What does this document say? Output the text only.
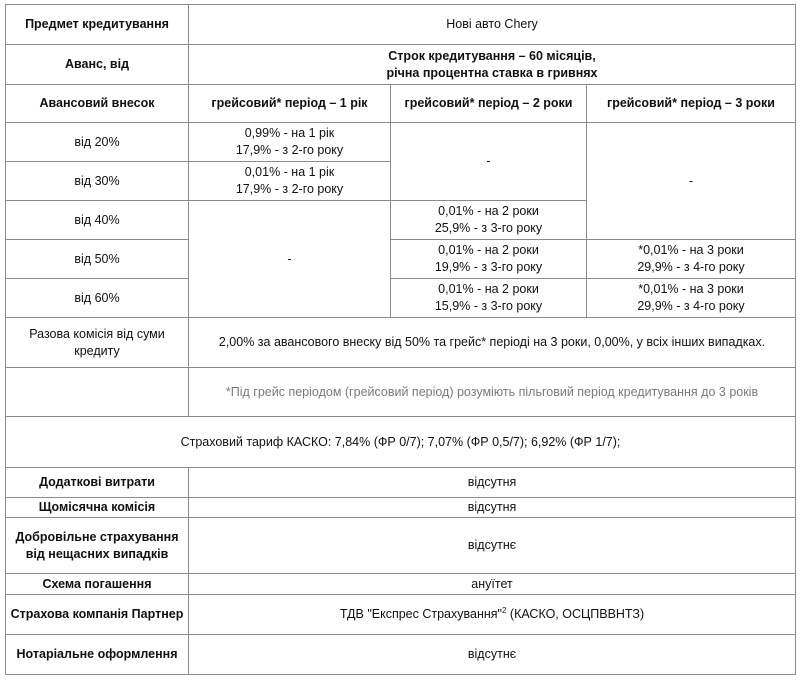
Предмет кредитування	Нові авто Chery		
Аванс, від	Строк кредитування – 60 місяців,
річна процентна ставка в гривнях		

Авансовий внесок	грейсовий* період – 1 рік	грейсовий* період – 2 роки	грейсовий* період – 3 роки
від 20%	0,99% - на 1 рік
17,9% - з 2-го року	-	-
від 30%	0,01% - на 1 рік
17,9% - з 2-го року		

від 40%	-	0,01% - на 2 роки
25,9% - з 3-го року	

від 50%		0,01% - на 2 роки
19,9% - з 3-го року	*0,01% - на 3 роки
29,9% - з 4-го року

від 60%		0,01% - на 2 роки
15,9% - з 3-го року	*0,01% - на 3 роки
29,9% - з 4-го року

Разова комісія від суми кредиту	2,00% за авансового внеску від 50% та грейс* періоді на 3 роки, 0,00%, у всіх інших випадках.		
	*Під грейс періодом (грейсовий період) розуміють пільговий період кредитування до 3 років		
Страховий тариф КАСКО: 7,84% (ФР 0/7); 7,07% (ФР 0,5/7); 6,92% (ФР 1/7);			
Додаткові витрати	відсутня		
Щомісячна комісія	відсутня		
Добровільне страхування від нещасних випадків	відсутнє		
Схема погашення	ануїтет		
Страхова компанія Партнер	ТДВ "Експрес Страхування"$^2$ (КАСКО, ОСЦПВВНТЗ)		
Нотаріальне оформлення	відсутнє		
